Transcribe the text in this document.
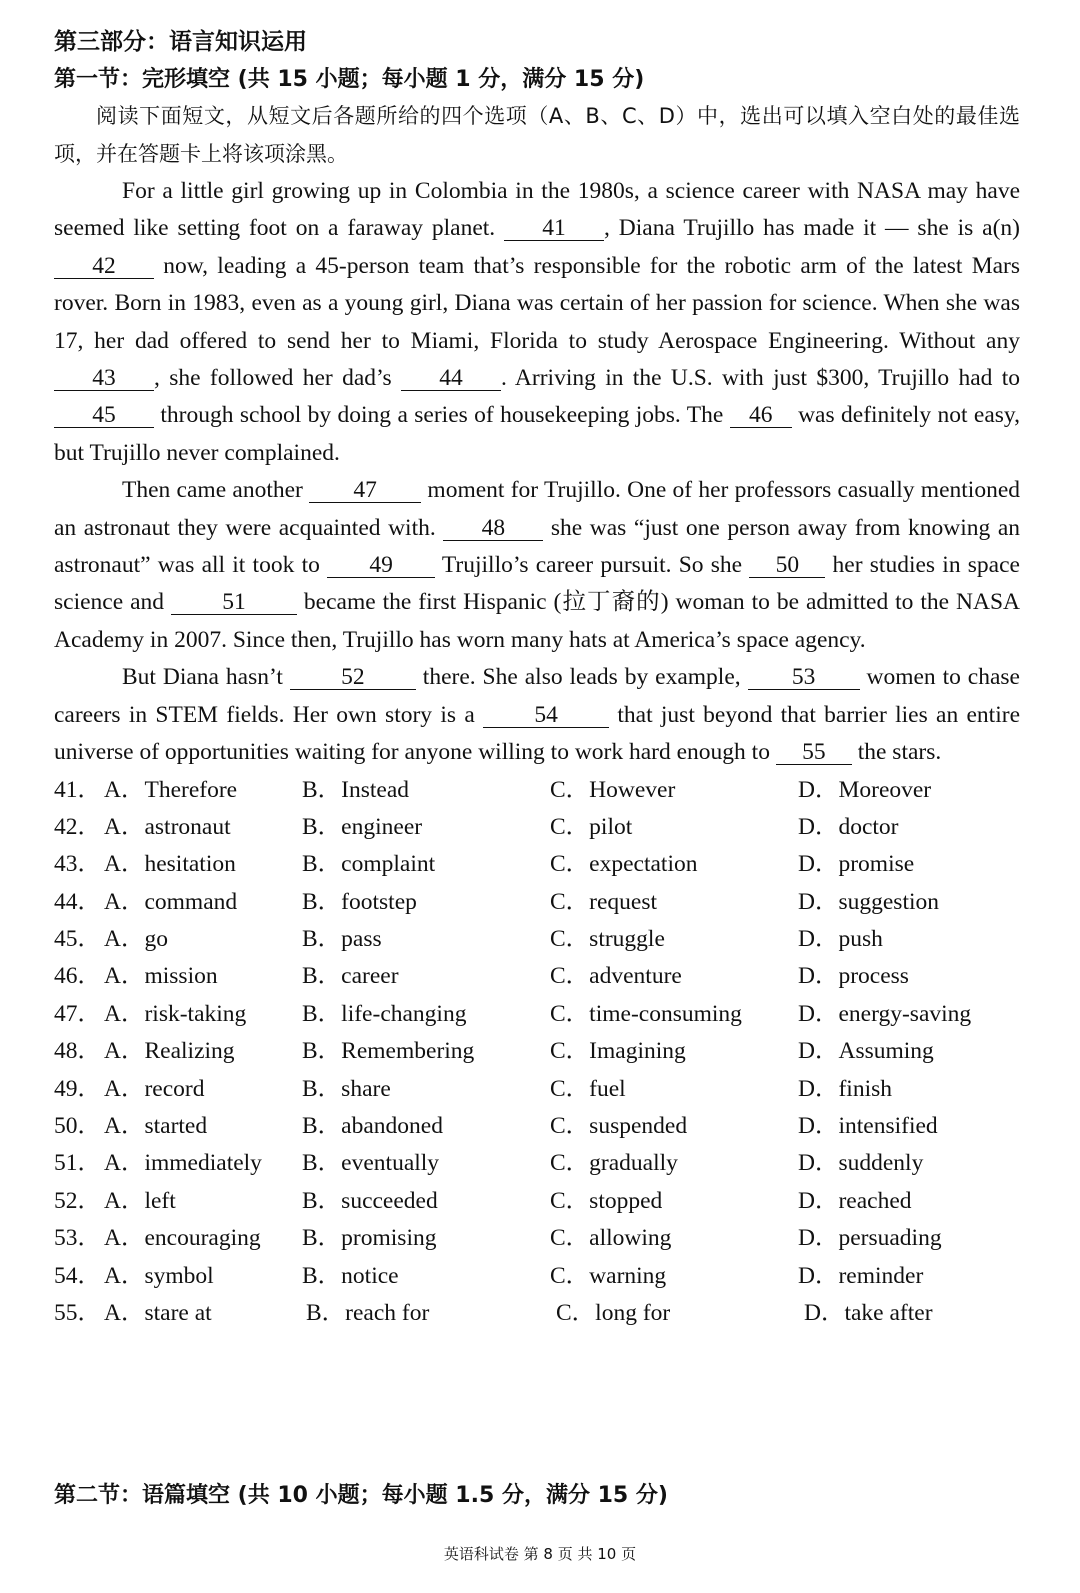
第三部分：语言知识运用
第一节：完形填空 (共 15 小题；每小题 1 分，满分 15 分)
阅读下面短文，从短文后各题所给的四个选项（A、B、C、D）中，选出可以填入空白处的最佳选项，并在答题卡上将该项涂黑。
For a little girl growing up in Colombia in the 1980s, a science career with NASA may have seemed like setting foot on a faraway planet. 41 , Diana Trujillo has made it — she is a(n) 42 now, leading a 45-person team that’s responsible for the robotic arm of the latest Mars rover. Born in 1983, even as a young girl, Diana was certain of her passion for science. When she was 17, her dad offered to send her to Miami, Florida to study Aerospace Engineering. Without any 43 , she followed her dad’s 44 . Arriving in the U.S. with just $300, Trujillo had to 45 through school by doing a series of housekeeping jobs. The 46 was definitely not easy, but Trujillo never complained.
Then came another 47 moment for Trujillo. One of her professors casually mentioned an astronaut they were acquainted with. 48 she was “just one person away from knowing an astronaut” was all it took to 49 Trujillo’s career pursuit. So she 50 her studies in space science and 51 became the first Hispanic (拉丁裔的) woman to be admitted to the NASA Academy in 2007. Since then, Trujillo has worn many hats at America’s space agency.
But Diana hasn’t 52 there. She also leads by example, 53 women to chase careers in STEM fields. Her own story is a 54 that just beyond that barrier lies an entire universe of opportunities waiting for anyone willing to work hard enough to 55 the stars.
41． A．Therefore	B．Instead	C．However	D．Moreover
42． A．astronaut	B．engineer	C．pilot	D．doctor
43． A．hesitation	B．complaint	C．expectation	D．promise
44． A．command	B．footstep	C．request	D．suggestion
45． A．go	B．pass	C．struggle	D．push
46． A．mission	B．career	C．adventure	D．process
47． A．risk-taking B．life-changing	C．time-consuming D．energy-saving
48． A．Realizing	B．Remembering	C．Imagining	D．Assuming
49． A．record	B．share	C．fuel	D．finish
50． A．started	B．abandoned	C．suspended	D．intensified
51． A．immediately B．eventually	C．gradually	D．suddenly
52． A．left	B．succeeded	C．stopped	D．reached
53． A．encouraging B．promising	C．allowing	D．persuading
54． A．symbol	B．notice	C．warning	D．reminder
55． A．stare at	B．reach for	C．long for	D．take after
第二节：语篇填空 (共 10 小题；每小题 1.5 分，满分 15 分)
英语科试卷 第 8 页 共 10 页
